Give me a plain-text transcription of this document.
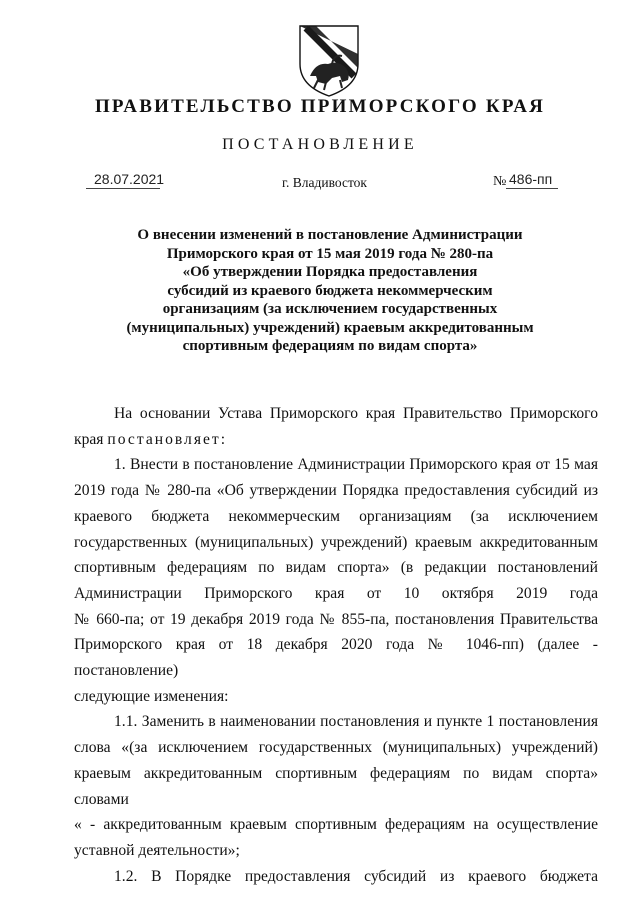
ПРАВИТЕЛЬСТВО ПРИМОРСКОГО КРАЯ
ПОСТАНОВЛЕНИЕ
28.07.2021	г. Владивосток	№ 486-пп
О внесении изменений в постановление Администрации
Приморского края от 15 мая 2019 года № 280-па
«Об утверждении Порядка предоставления
субсидий из краевого бюджета некоммерческим
организациям (за исключением государственных
(муниципальных) учреждений) краевым аккредитованным
спортивным федерациям по видам спорта»
На основании Устава Приморского края Правительство Приморского
края постановляет:
1. Внести в постановление Администрации Приморского края от 15 мая
2019 года № 280-па «Об утверждении Порядка предоставления субсидий из
краевого бюджета некоммерческим организациям (за исключением
государственных (муниципальных) учреждений) краевым аккредитованным
спортивным федерациям по видам спорта» (в редакции постановлений
Администрации Приморского края от 10 октября 2019 года
№ 660-па; от 19 декабря 2019 года № 855-па, постановления Правительства
Приморского края от 18 декабря 2020 года № 1046-пп) (далее - постановление)
следующие изменения:
1.1. Заменить в наименовании постановления и пункте 1 постановления
слова «(за исключением государственных (муниципальных) учреждений)
краевым аккредитованным спортивным федерациям по видам спорта» словами
« - аккредитованным краевым спортивным федерациям на осуществление
уставной деятельности»;
1.2. В Порядке предоставления субсидий из краевого бюджета
